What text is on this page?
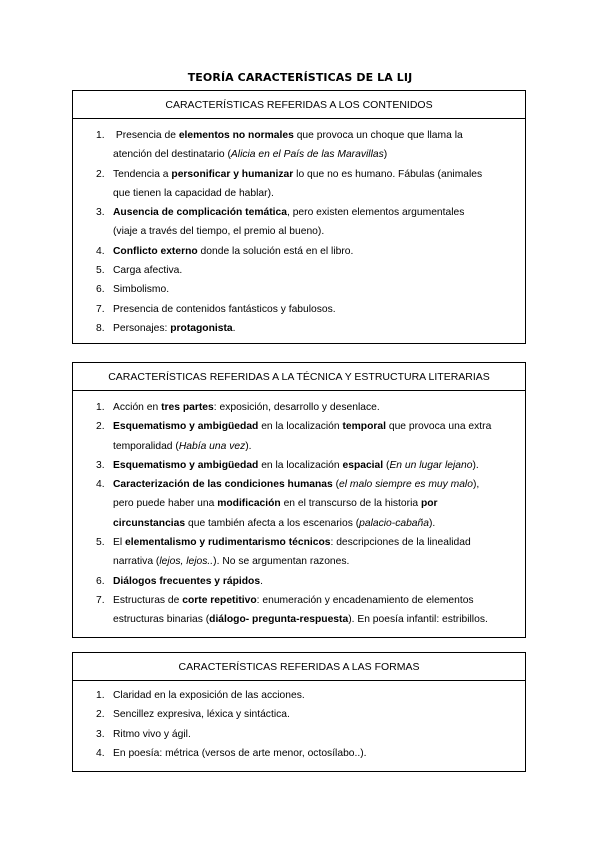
TEORÍA CARACTERÍSTICAS DE LA LIJ
CARACTERÍSTICAS REFERIDAS A LOS CONTENIDOS
1. Presencia de elementos no normales que provoca un choque que llama la
atención del destinatario (Alicia en el País de las Maravillas)
2. Tendencia a personificar y humanizar lo que no es humano. Fábulas (animales
que tienen la capacidad de hablar).
3. Ausencia de complicación temática, pero existen elementos argumentales
(viaje a través del tiempo, el premio al bueno).
4. Conflicto externo donde la solución está en el libro.
5. Carga afectiva.
6. Simbolismo.
7. Presencia de contenidos fantásticos y fabulosos.
8. Personajes: protagonista.
CARACTERÍSTICAS REFERIDAS A LA TÉCNICA Y ESTRUCTURA LITERARIAS
1. Acción en tres partes: exposición, desarrollo y desenlace.
2. Esquematismo y ambigüedad en la localización temporal que provoca una extra
temporalidad (Había una vez).
3. Esquematismo y ambigüedad en la localización espacial (En un lugar lejano).
4. Caracterización de las condiciones humanas (el malo siempre es muy malo),
pero puede haber una modificación en el transcurso de la historia por
circunstancias que también afecta a los escenarios (palacio-cabaña).
5. El elementalismo y rudimentarismo técnicos: descripciones de la linealidad
narrativa (lejos, lejos..). No se argumentan razones.
6. Diálogos frecuentes y rápidos.
7. Estructuras de corte repetitivo: enumeración y encadenamiento de elementos
estructuras binarias (diálogo- pregunta-respuesta). En poesía infantil: estribillos.
CARACTERÍSTICAS REFERIDAS A LAS FORMAS
1. Claridad en la exposición de las acciones.
2. Sencillez expresiva, léxica y sintáctica.
3. Ritmo vivo y ágil.
4. En poesía: métrica (versos de arte menor, octosílabo..).
